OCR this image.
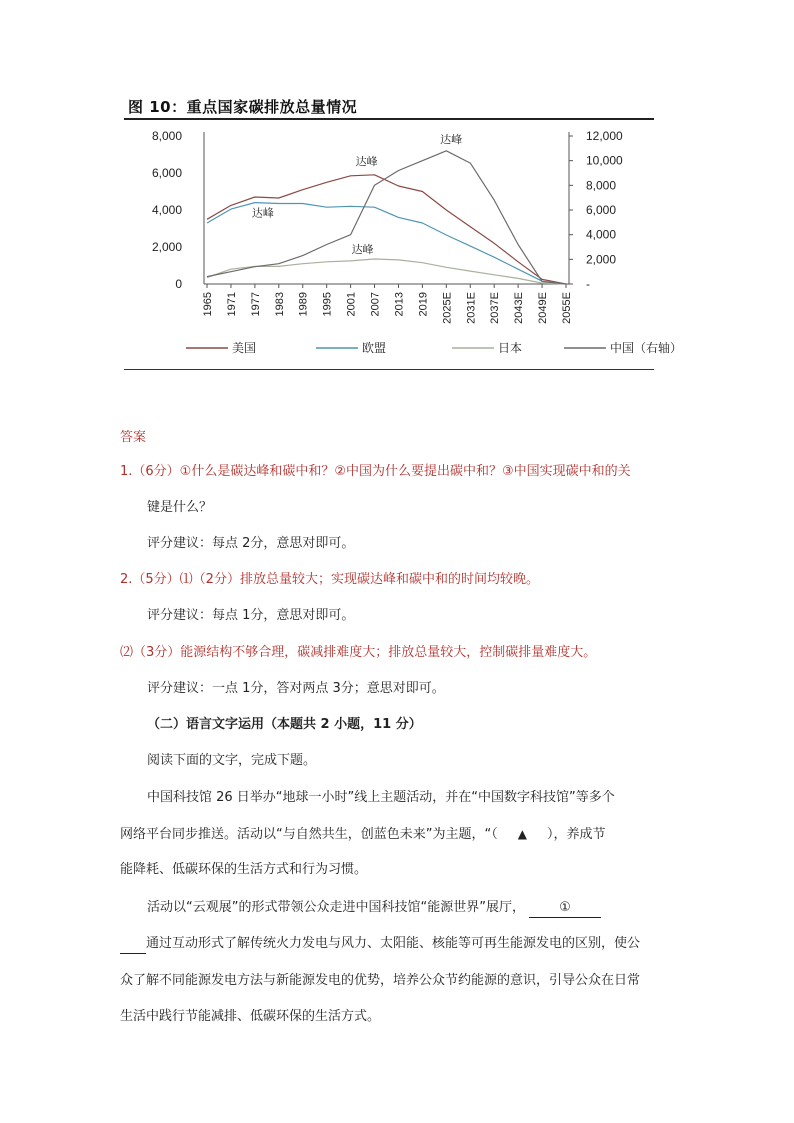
图 10：重点国家碳排放总量情况
0
2,000
4,000
6,000
8,000
-
2,000
4,000
6,000
8,000
10,000
12,000
1965 1971 1977 1983 1989 1995 2001 2007 2013 2019 2025E 2031E 2037E 2043E 2049E 2055E
达峰
达峰
达峰
达峰
美国	欧盟	日本	中国（右轴）
答案
1.（6分）①什么是碳达峰和碳中和？②中国为什么要提出碳中和？③中国实现碳中和的关
键是什么？
评分建议：每点 2分，意思对即可。
2.（5分）⑴（2分）排放总量较大；实现碳达峰和碳中和的时间均较晚。
评分建议：每点 1分，意思对即可。
⑵（3分）能源结构不够合理，碳减排难度大；排放总量较大，控制碳排量难度大。
评分建议：一点 1分，答对两点 3分；意思对即可。
（二）语言文字运用（本题共 2 小题，11 分）
阅读下面的文字，完成下题。
中国科技馆 26 日举办“地球一小时”线上主题活动，并在“中国数字科技馆”等多个
网络平台同步推送。活动以“与自然共生，创蓝色未来”为主题，“（ ▲ ），养成节
能降耗、低碳环保的生活方式和行为习惯。
活动以“云观展”的形式带领公众走进中国科技馆“能源世界”展厅，	①
通过互动形式了解传统火力发电与风力、太阳能、核能等可再生能源发电的区别，使公
众了解不同能源发电方法与新能源发电的优势，培养公众节约能源的意识，引导公众在日常
生活中践行节能减排、低碳环保的生活方式。
